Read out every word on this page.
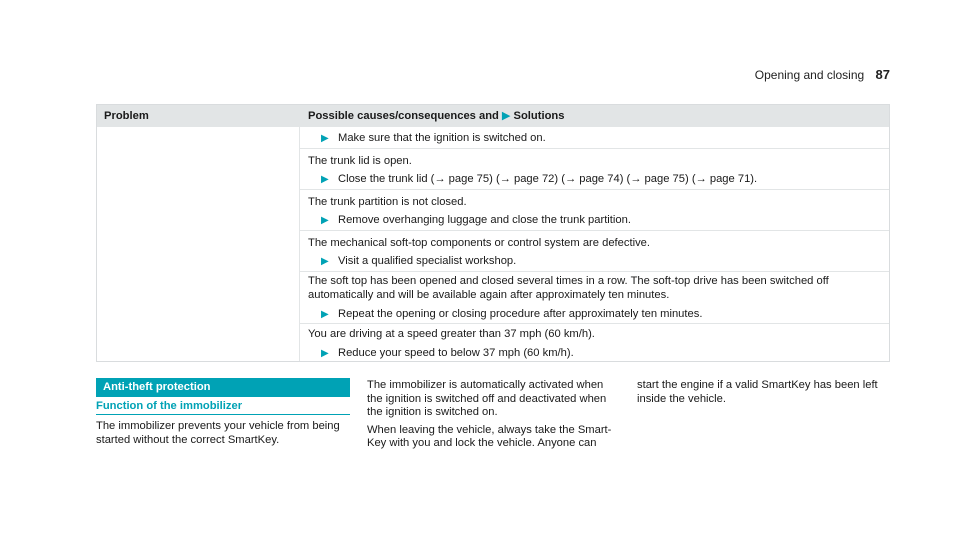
Opening and closing 87
Problem	Possible causes/consequences and ▶ Solutions
▶ Make sure that the ignition is switched on.
The trunk lid is open.
▶ Close the trunk lid (→ page 75) (→ page 72) (→ page 74) (→ page 75) (→ page 71).
The trunk partition is not closed.
▶ Remove overhanging luggage and close the trunk partition.
The mechanical soft-top components or control system are defective.
▶ Visit a qualified specialist workshop.
The soft top has been opened and closed several times in a row. The soft-top drive has been switched off
automatically and will be available again after approximately ten minutes.
▶ Repeat the opening or closing procedure after approximately ten minutes.
You are driving at a speed greater than 37 mph (60 km/h).
▶ Reduce your speed to below 37 mph (60 km/h).
Anti-theft protection
Function of the immobilizer
The immobilizer prevents your vehicle from being
started without the correct SmartKey.
The immobilizer is automatically activated when
the ignition is switched off and deactivated when
the ignition is switched on.
When leaving the vehicle, always take the Smart-
Key with you and lock the vehicle. Anyone can
start the engine if a valid SmartKey has been left
inside the vehicle.
